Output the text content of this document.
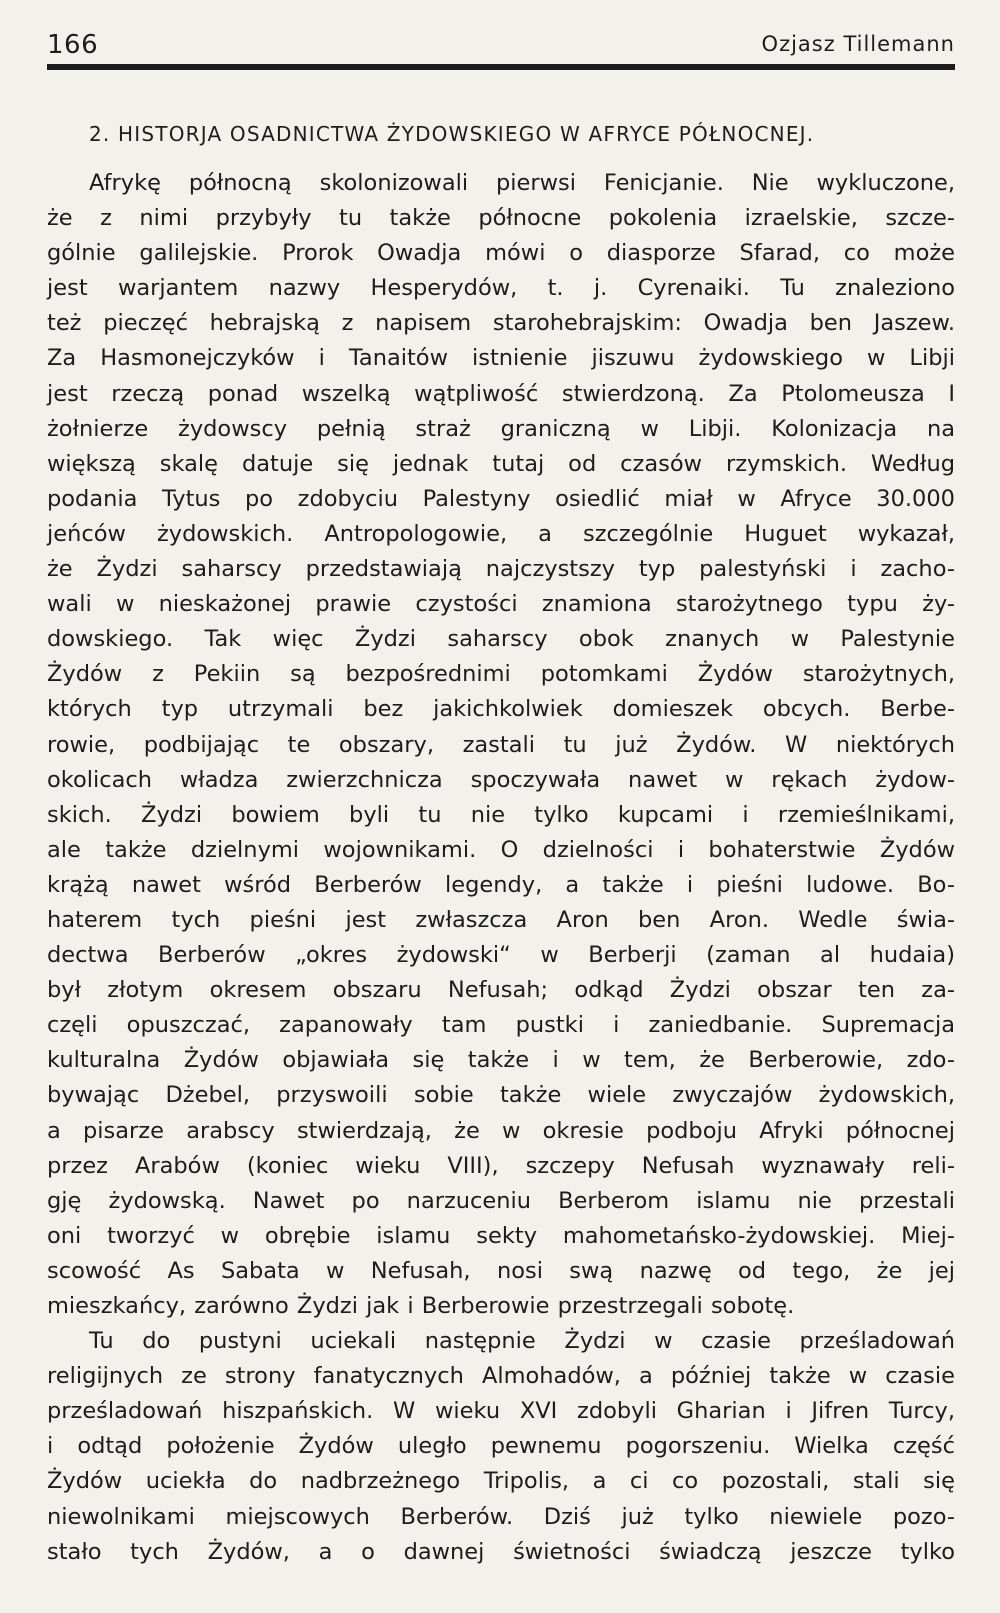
166	Ozjasz Tillemann
2. HISTORJA OSADNICTWA ŻYDOWSKIEGO W AFRYCE PÓŁNOCNEJ.

Afrykę północną skolonizowali pierwsi Fenicjanie. Nie wykluczone,
że z nimi przybyły tu także północne pokolenia izraelskie, szcze-
gólnie galilejskie. Prorok Owadja mówi o diasporze Sfarad, co może
jest warjantem nazwy Hesperydów, t. j. Cyrenaiki. Tu znaleziono
też pieczęć hebrajską z napisem starohebrajskim: Owadja ben Jaszew.
Za Hasmonejczyków i Tanaitów istnienie jiszuwu żydowskiego w Libji
jest rzeczą ponad wszelką wątpliwość stwierdzoną. Za Ptolomeusza I
żołnierze żydowscy pełnią straż graniczną w Libji. Kolonizacja na
większą skalę datuje się jednak tutaj od czasów rzymskich. Według
podania Tytus po zdobyciu Palestyny osiedlić miał w Afryce 30.000
jeńców żydowskich. Antropologowie, a szczególnie Huguet wykazał,
że Żydzi saharscy przedstawiają najczystszy typ palestyński i zacho-
wali w nieskażonej prawie czystości znamiona starożytnego typu ży-
dowskiego. Tak więc Żydzi saharscy obok znanych w Palestynie
Żydów z Pekiin są bezpośrednimi potomkami Żydów starożytnych,
których typ utrzymali bez jakichkolwiek domieszek obcych. Berbe-
rowie, podbijając te obszary, zastali tu już Żydów. W niektórych
okolicach władza zwierzchnicza spoczywała nawet w rękach żydow-
skich. Żydzi bowiem byli tu nie tylko kupcami i rzemieślnikami,
ale także dzielnymi wojownikami. O dzielności i bohaterstwie Żydów
krążą nawet wśród Berberów legendy, a także i pieśni ludowe. Bo-
haterem tych pieśni jest zwłaszcza Aron ben Aron. Wedle świa-
dectwa Berberów „okres żydowski“ w Berberji (zaman al hudaia)
był złotym okresem obszaru Nefusah; odkąd Żydzi obszar ten za-
częli opuszczać, zapanowały tam pustki i zaniedbanie. Supremacja
kulturalna Żydów objawiała się także i w tem, że Berberowie, zdo-
bywając Dżebel, przyswoili sobie także wiele zwyczajów żydowskich,
a pisarze arabscy stwierdzają, że w okresie podboju Afryki północnej
przez Arabów (koniec wieku VIII), szczepy Nefusah wyznawały reli-
gję żydowską. Nawet po narzuceniu Berberom islamu nie przestali
oni tworzyć w obrębie islamu sekty mahometańsko-żydowskiej. Miej-
scowość As Sabata w Nefusah, nosi swą nazwę od tego, że jej
mieszkańcy, zarówno Żydzi jak i Berberowie przestrzegali sobotę.

Tu do pustyni uciekali następnie Żydzi w czasie prześladowań
religijnych ze strony fanatycznych Almohadów, a później także w czasie
prześladowań hiszpańskich. W wieku XVI zdobyli Gharian i Jifren Turcy,
i odtąd położenie Żydów uległo pewnemu pogorszeniu. Wielka część
Żydów uciekła do nadbrzeżnego Tripolis, a ci co pozostali, stali się
niewolnikami miejscowych Berberów. Dziś już tylko niewiele pozo-
stało tych Żydów, a o dawnej świetności świadczą jeszcze tylko
